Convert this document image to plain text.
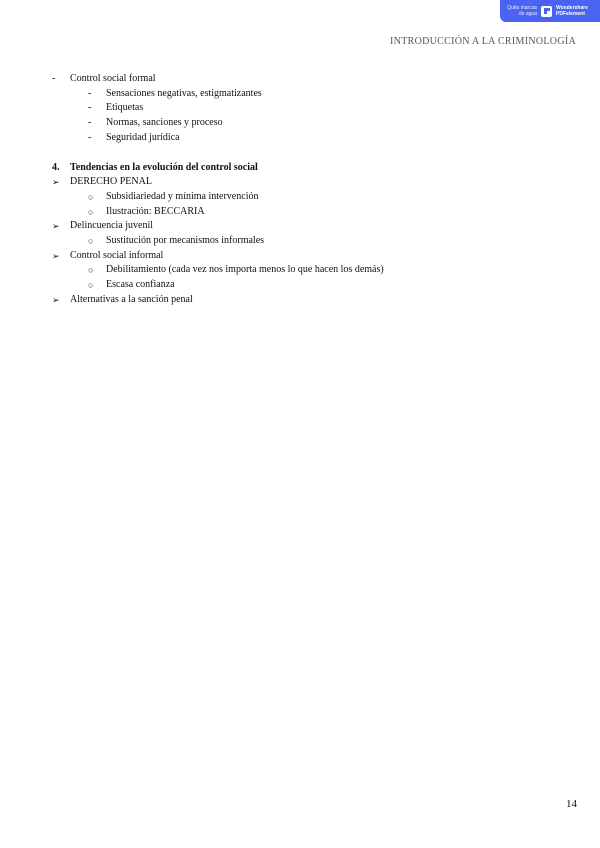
Quita marcas
de agua
Wondershare
PDFelement
INTRODUCCIÓN A LA CRIMINOLOGÍA
-	Control social formal
-	Sensaciones negativas, estigmatizantes
-	Etiquetas
-	Normas, sanciones y proceso
-	Seguridad jurídica
4.	Tendencias en la evolución del control social
➢	DERECHO PENAL
○	Subsidiariedad y mínima intervención
○	Ilustración: BECCARIA
➢	Delincuencia juvenil
○	Sustitución por mecanismos informales
➢	Control social informal
○	Debilitamiento (cada vez nos importa menos lo que hacen los demás)
○	Escasa confianza
➢	Alternativas a la sanción penal
14
